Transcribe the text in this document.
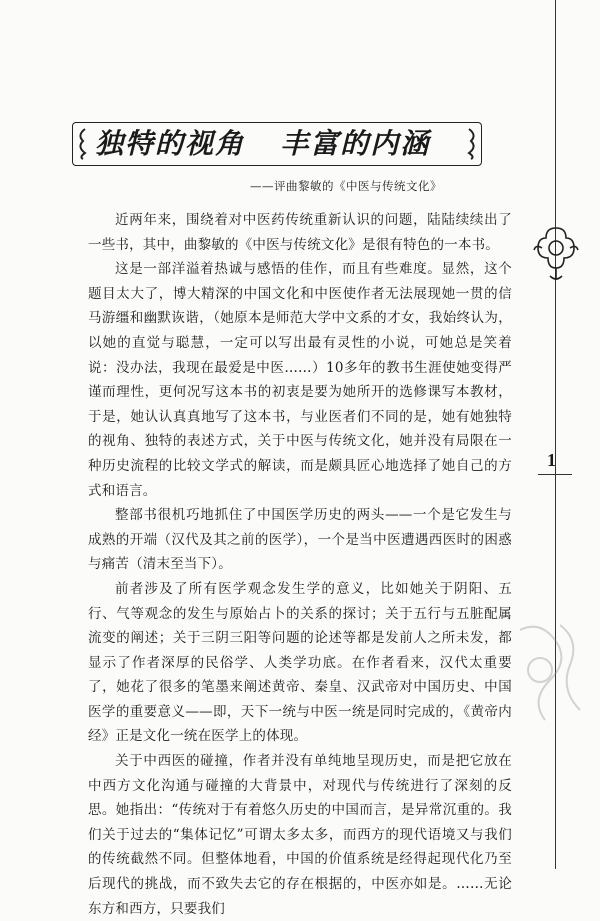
独特的视角   丰富的内涵
——评曲黎敏的《中医与传统文化》

近两年来，围绕着对中医药传统重新认识的问题，陆陆续续出了一些书，其中，曲黎敏的《中医与传统文化》是很有特色的一本书。

这是一部洋溢着热诚与感悟的佳作，而且有些难度。显然，这个题目太大了，博大精深的中国文化和中医使作者无法展现她一贯的信马游缰和幽默诙谐，（她原本是师范大学中文系的才女，我始终认为，以她的直觉与聪慧，一定可以写出最有灵性的小说，可她总是笑着说：没办法，我现在最爱是中医……）10多年的教书生涯使她变得严谨而理性，更何况写这本书的初衷是要为她所开的选修课写本教材，于是，她认认真真地写了这本书，与业医者们不同的是，她有她独特的视角、独特的表述方式，关于中医与传统文化，她并没有局限在一种历史流程的比较文学式的解读，而是颇具匠心地选择了她自己的方式和语言。

整部书很机巧地抓住了中国医学历史的两头——一个是它发生与成熟的开端（汉代及其之前的医学），一个是当中医遭遇西医时的困惑与痛苦（清末至当下）。

前者涉及了所有医学观念发生学的意义，比如她关于阴阳、五行、气等观念的发生与原始占卜的关系的探讨；关于五行与五脏配属流变的阐述；关于三阴三阳等问题的论述等都是发前人之所未发，都显示了作者深厚的民俗学、人类学功底。在作者看来，汉代太重要了，她花了很多的笔墨来阐述黄帝、秦皇、汉武帝对中国历史、中国医学的重要意义——即，天下一统与中医一统是同时完成的，《黄帝内经》正是文化一统在医学上的体现。

关于中西医的碰撞，作者并没有单纯地呈现历史，而是把它放在中西方文化沟通与碰撞的大背景中，对现代与传统进行了深刻的反思。她指出：“传统对于有着悠久历史的中国而言，是异常沉重的。我们关于过去的“集体记忆”可谓太多太多，而西方的现代语境又与我们的传统截然不同。但整体地看，中国的价值系统是经得起现代化乃至后现代的挑战，而不致失去它的存在根据的，中医亦如是。……无论东方和西方，只要我们

1
